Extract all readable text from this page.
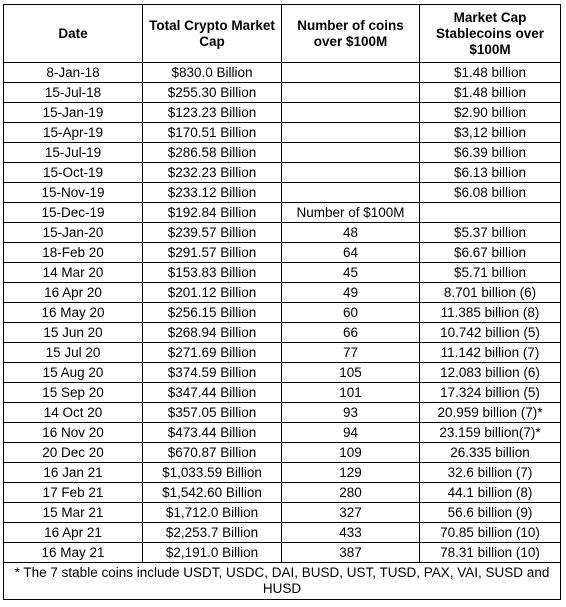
Date	Total Crypto Market Cap	Number of coins over $100M	Market Cap Stablecoins over $100M
8-Jan-18	$830.0 Billion		$1.48 billion
15-Jul-18	$255.30 Billion		$1.48 billion
15-Jan-19	$123.23 Billion		$2.90 billion
15-Apr-19	$170.51 Billion		$3,12 billion
15-Jul-19	$286.58 Billion		$6.39 billion
15-Oct-19	$232.23 Billion		$6.13 billion
15-Nov-19	$233.12 Billion		$6.08 billion
15-Dec-19	$192.84 Billion	Number of $100M	
15-Jan-20	$239.57 Billion	48	$5.37 billion
18-Feb 20	$291.57 Billion	64	$6.67 billion
14 Mar 20	$153.83 Billion	45	$5.71 billion
16 Apr 20	$201.12 Billion	49	8.701 billion (6)
16 May 20	$256.15 Billion	60	11.385 billion (8)
15 Jun 20	$268.94 Billion	66	10.742 billion (5)
15 Jul 20	$271.69 Billion	77	11.142 billion (7)
15 Aug 20	$374.59 Billion	105	12.083 billion (6)
15 Sep 20	$347.44 Billion	101	17.324 billion (5)
14 Oct 20	$357.05 Billion	93	20.959 billion (7)*
16 Nov 20	$473.44 Billion	94	23.159 billion(7)*
20 Dec 20	$670.87 Billion	109	26.335 billion
16 Jan 21	$1,033.59 Billion	129	32.6 billion (7)
17 Feb 21	$1,542.60 Billion	280	44.1 billion (8)
15 Mar 21	$1,712.0 Billion	327	56.6 billion (9)
16 Apr 21	$2,253.7 Billion	433	70.85 billion (10)
16 May 21	$2,191.0 Billion	387	78.31 billion (10)
* The 7 stable coins include USDT, USDC, DAI, BUSD, UST, TUSD, PAX, VAI, SUSD and HUSD			
